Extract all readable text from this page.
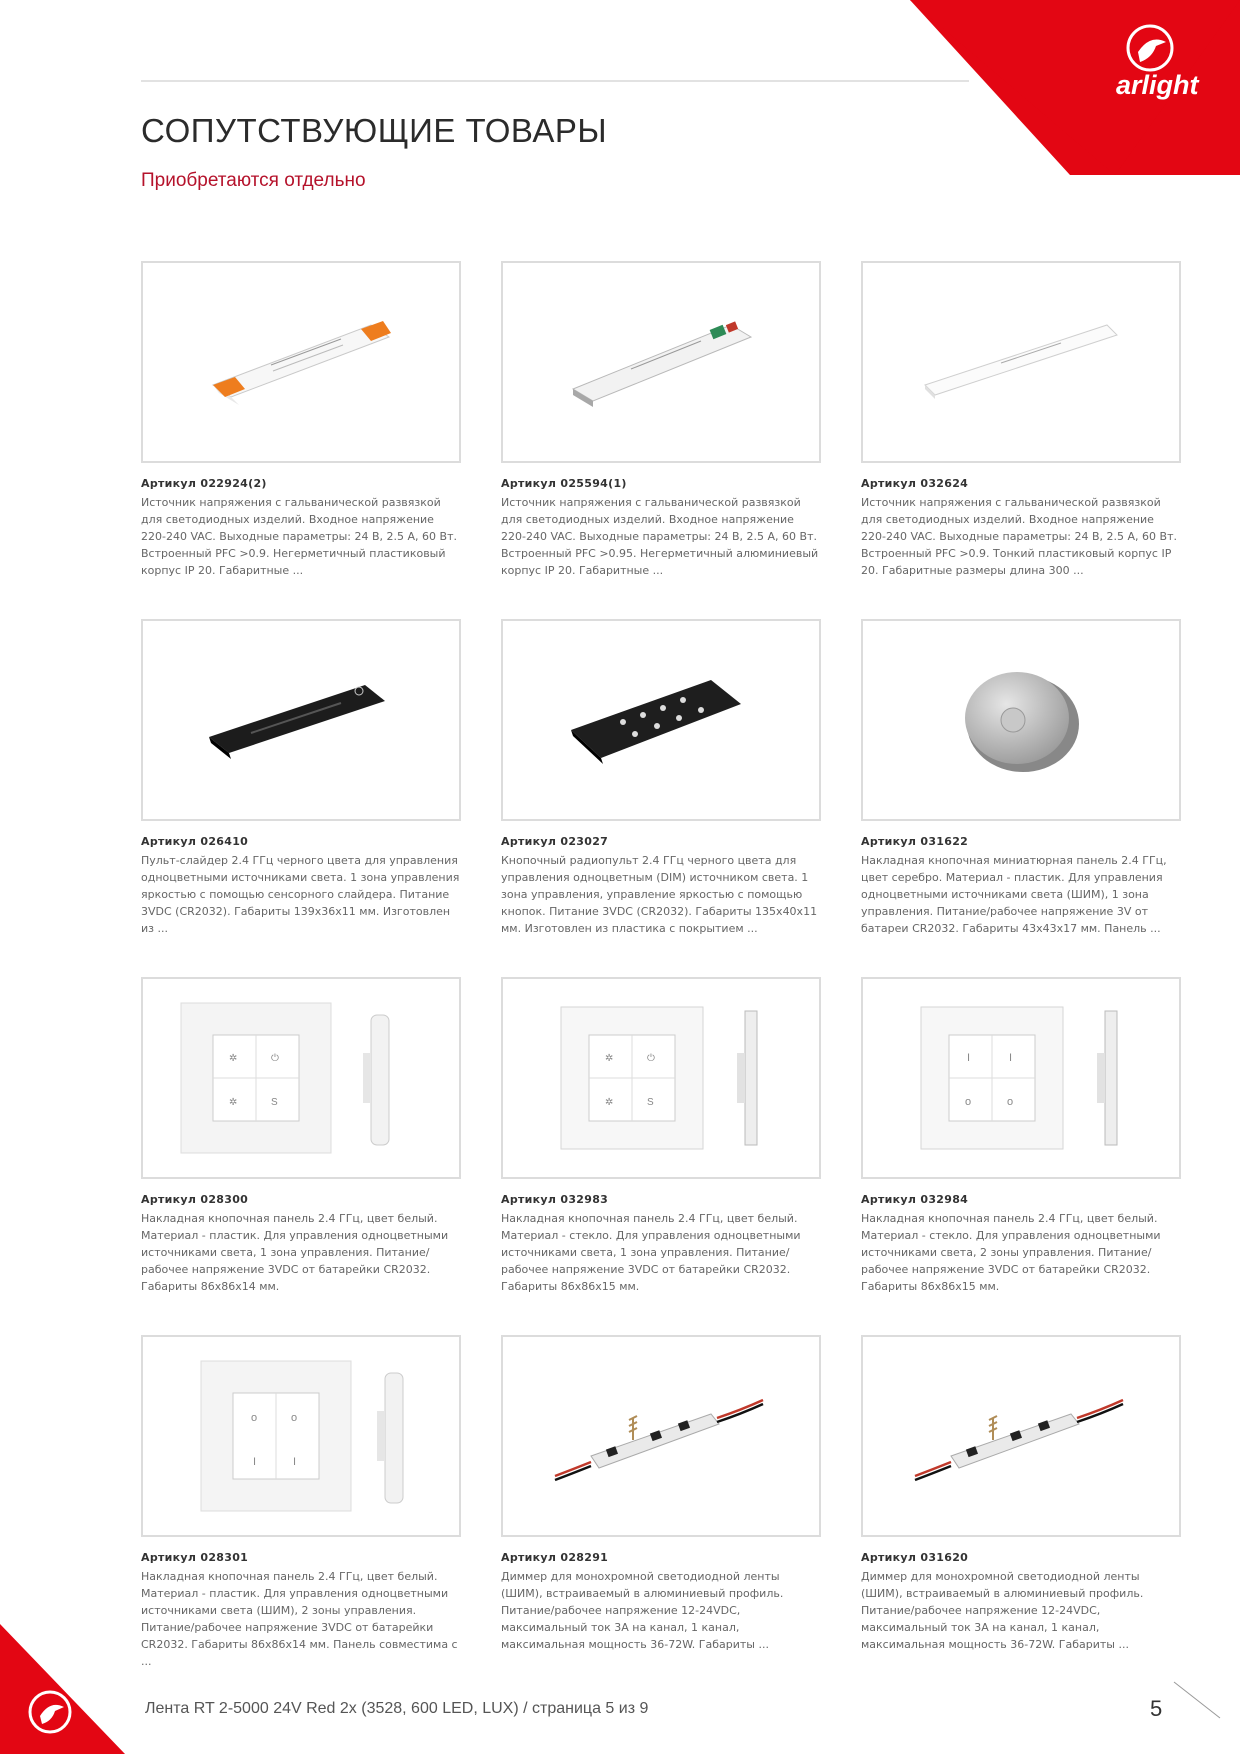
arlight
СОПУТСТВУЮЩИЕ ТОВАРЫ
Приобретаются отдельно
Артикул 022924(2)
Источник напряжения с гальванической развязкой для светодиодных изделий. Входное напряжение 220-240 VAC. Выходные параметры: 24 В, 2.5 А, 60 Вт. Встроенный PFC >0.9. Негерметичный пластиковый корпус IP 20. Габаритные ...
Артикул 025594(1)
Источник напряжения с гальванической развязкой для светодиодных изделий. Входное напряжение 220-240 VAC. Выходные параметры: 24 В, 2.5 А, 60 Вт. Встроенный PFC >0.95. Негерметичный алюминиевый корпус IP 20. Габаритные ...
Артикул 032624
Источник напряжения с гальванической развязкой для светодиодных изделий. Входное напряжение 220-240 VAC. Выходные параметры: 24 В, 2.5 А, 60 Вт. Встроенный PFC >0.9. Тонкий пластиковый корпус IP 20. Габаритные размеры длина 300 ...
Артикул 026410
Пульт-слайдер 2.4 ГГц черного цвета для управления одноцветными источниками света. 1 зона управления яркостью с помощью сенсорного слайдера. Питание 3VDC (CR2032). Габариты 139x36x11 мм. Изготовлен из ...
Артикул 023027
Кнопочный радиопульт 2.4 ГГц черного цвета для управления одноцветным (DIM) источником света. 1 зона управления, управление яркостью с помощью кнопок. Питание 3VDC (CR2032). Габариты 135x40x11 мм. Изготовлен из пластика с покрытием ...
Артикул 031622
Накладная кнопочная миниатюрная панель 2.4 ГГц, цвет серебро. Материал - пластик. Для управления одноцветными источниками света (ШИМ), 1 зона управления. Питание/рабочее напряжение 3V от батареи CR2032. Габариты 43x43x17 мм. Панель ...
✲	⏻
✲	S
Артикул 028300
Накладная кнопочная панель 2.4 ГГц, цвет белый. Материал - пластик. Для управления одноцветными источниками света, 1 зона управления. Питание/рабочее напряжение 3VDC от батарейки CR2032. Габариты 86x86x14 мм.
✲	⏻
✲	S
Артикул 032983
Накладная кнопочная панель 2.4 ГГц, цвет белый. Материал - стекло. Для управления одноцветными источниками света, 1 зона управления. Питание/рабочее напряжение 3VDC от батарейки CR2032. Габариты 86x86x15 мм.
I	I
o	o
Артикул 032984
Накладная кнопочная панель 2.4 ГГц, цвет белый. Материал - стекло. Для управления одноцветными источниками света, 2 зоны управления. Питание/рабочее напряжение 3VDC от батарейки CR2032. Габариты 86x86x15 мм.
o	o
I	I
Артикул 028301
Накладная кнопочная панель 2.4 ГГц, цвет белый. Материал - пластик. Для управления одноцветными источниками света (ШИМ), 2 зоны управления. Питание/рабочее напряжение 3VDC от батарейки CR2032. Габариты 86x86x14 мм. Панель совместима с ...
Артикул 028291
Диммер для монохромной светодиодной ленты (ШИМ), встраиваемый в алюминиевый профиль. Питание/рабочее напряжение 12-24VDC, максимальный ток 3А на канал, 1 канал, максимальная мощность 36-72W. Габариты ...
Артикул 031620
Диммер для монохромной светодиодной ленты (ШИМ), встраиваемый в алюминиевый профиль. Питание/рабочее напряжение 12-24VDC, максимальный ток 3А на канал, 1 канал, максимальная мощность 36-72W. Габариты ...
Лента RT 2-5000 24V Red 2x (3528, 600 LED, LUX) / страница 5 из 9	5
